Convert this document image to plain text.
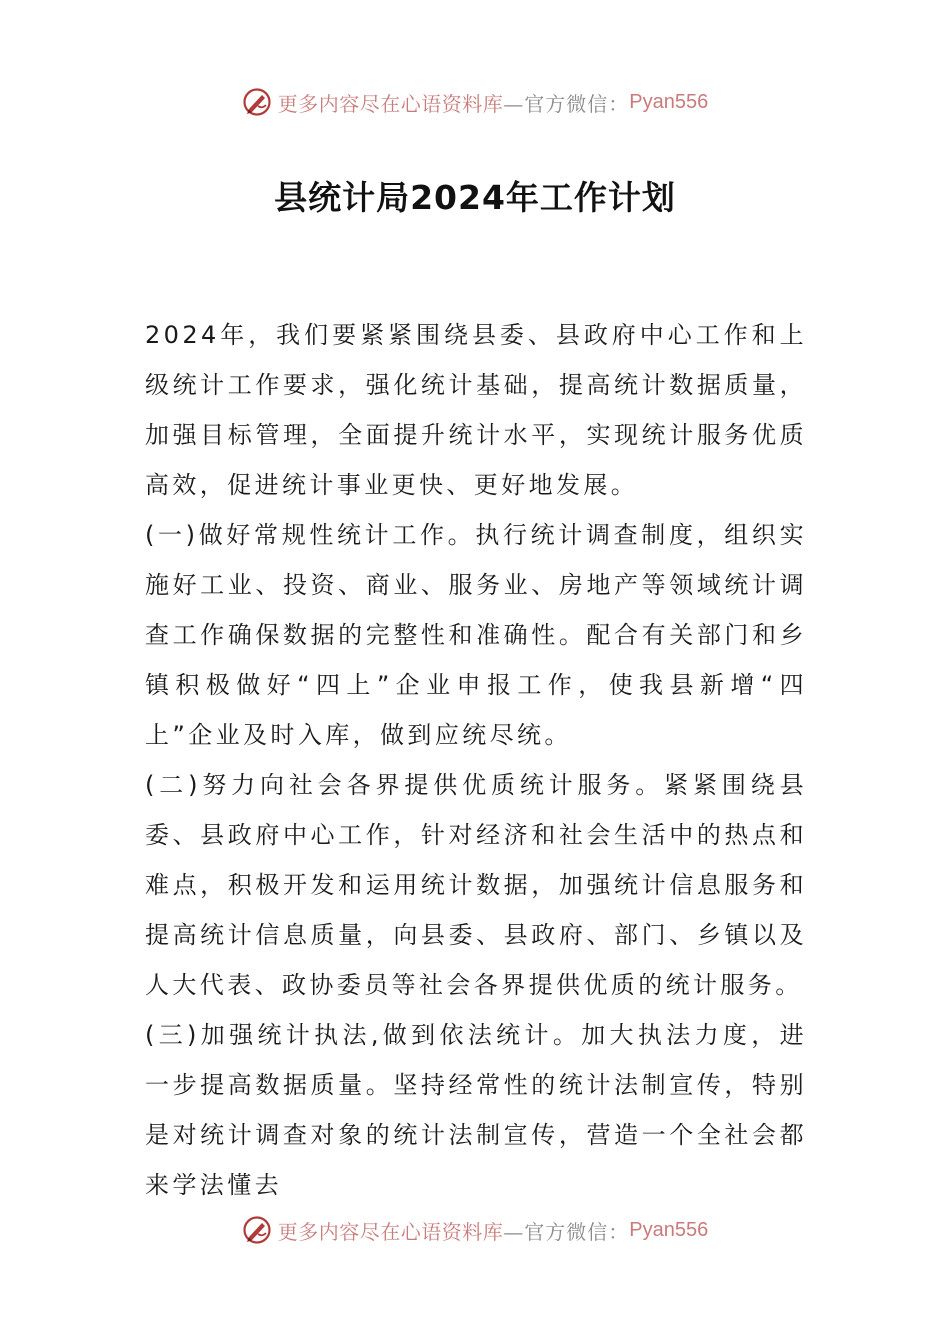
更多内容尽在心语资料库 —官方微信： Pyan556
县统计局2024年工作计划

2024年，我们要紧紧围绕县委、县政府中心工作和上级统计工作要求，强化统计基础，提高统计数据质量，加强目标管理，全面提升统计水平，实现统计服务优质高效，促进统计事业更快、更好地发展。

(一)做好常规性统计工作。执行统计调查制度，组织实施好工业、投资、商业、服务业、房地产等领域统计调查工作确保数据的完整性和准确性。配合有关部门和乡镇积极做好“四上”企业申报工作，使我县新增“四上”企业及时入库，做到应统尽统。

(二)努力向社会各界提供优质统计服务。紧紧围绕县委、县政府中心工作，针对经济和社会生活中的热点和难点，积极开发和运用统计数据，加强统计信息服务和提高统计信息质量，向县委、县政府、部门、乡镇以及人大代表、政协委员等社会各界提供优质的统计服务。

(三)加强统计执法,做到依法统计。加大执法力度，进一步提高数据质量。坚持经常性的统计法制宣传，特别是对统计调查对象的统计法制宣传，营造一个全社会都来学法懂去

更多内容尽在心语资料库 —官方微信： Pyan556
